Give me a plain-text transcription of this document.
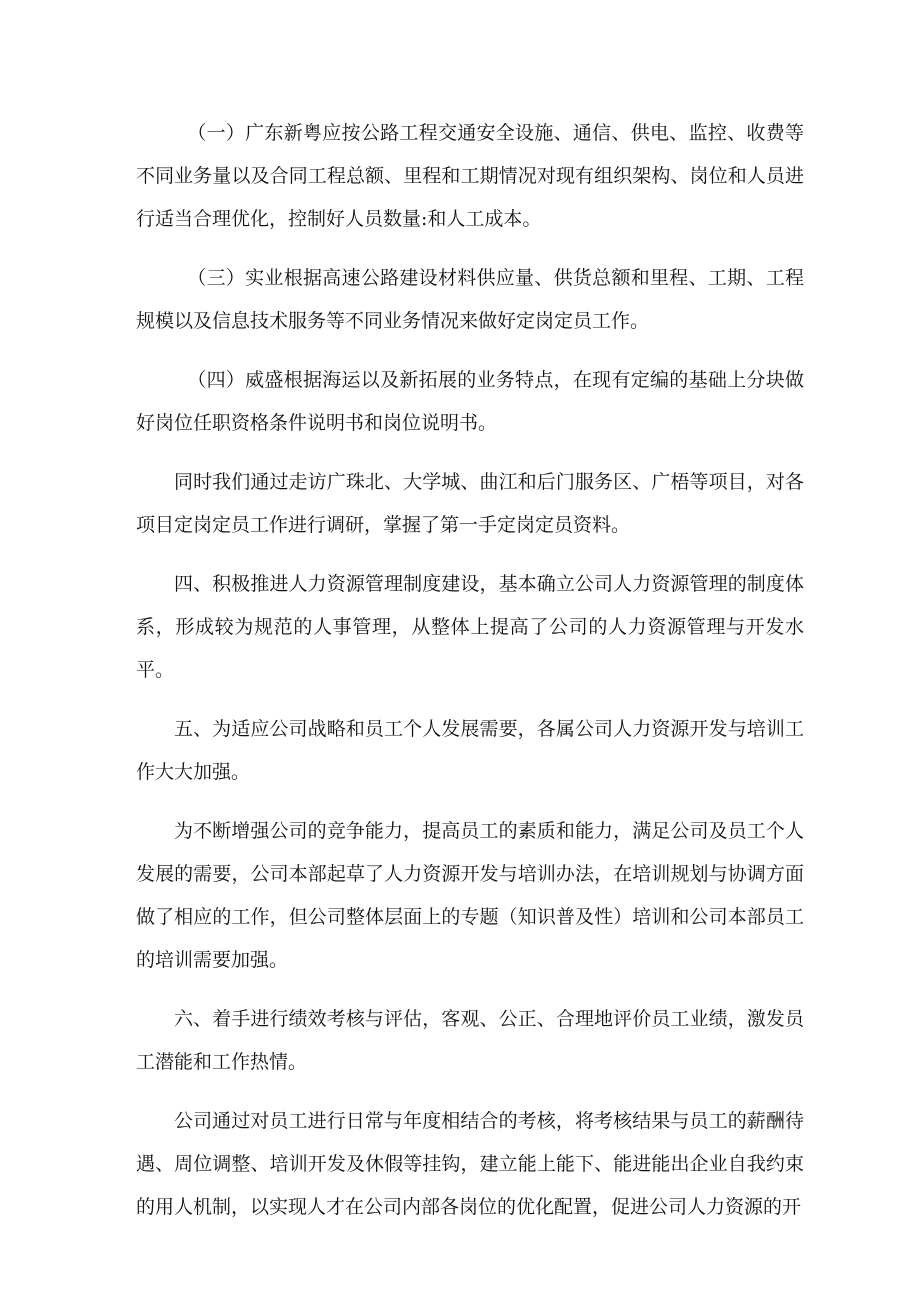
（一）广东新粤应按公路工程交通安全设施、通信、供电、监控、收费等不同业务量以及合同工程总额、里程和工期情况对现有组织架构、岗位和人员进行适当合理优化，控制好人员数量:和人工成本。

（三）实业根据高速公路建设材料供应量、供货总额和里程、工期、工程规模以及信息技术服务等不同业务情况来做好定岗定员工作。

（四）威盛根据海运以及新拓展的业务特点，在现有定编的基础上分块做好岗位任职资格条件说明书和岗位说明书。

同时我们通过走访广珠北、大学城、曲江和后门服务区、广梧等项目，对各项目定岗定员工作进行调研，掌握了第一手定岗定员资料。

四、积极推进人力资源管理制度建设，基本确立公司人力资源管理的制度体系，形成较为规范的人事管理，从整体上提高了公司的人力资源管理与开发水平。

五、为适应公司战略和员工个人发展需要，各属公司人力资源开发与培训工作大大加强。

为不断增强公司的竞争能力，提高员工的素质和能力，满足公司及员工个人发展的需要，公司本部起草了人力资源开发与培训办法，在培训规划与协调方面做了相应的工作，但公司整体层面上的专题（知识普及性）培训和公司本部员工的培训需要加强。

六、着手进行绩效考核与评估，客观、公正、合理地评价员工业绩，激发员工潜能和工作热情。

公司通过对员工进行日常与年度相结合的考核，将考核结果与员工的薪酬待遇、周位调整、培训开发及休假等挂钩，建立能上能下、能进能出企业自我约束的用人机制，以实现人才在公司内部各岗位的优化配置，促进公司人力资源的开
